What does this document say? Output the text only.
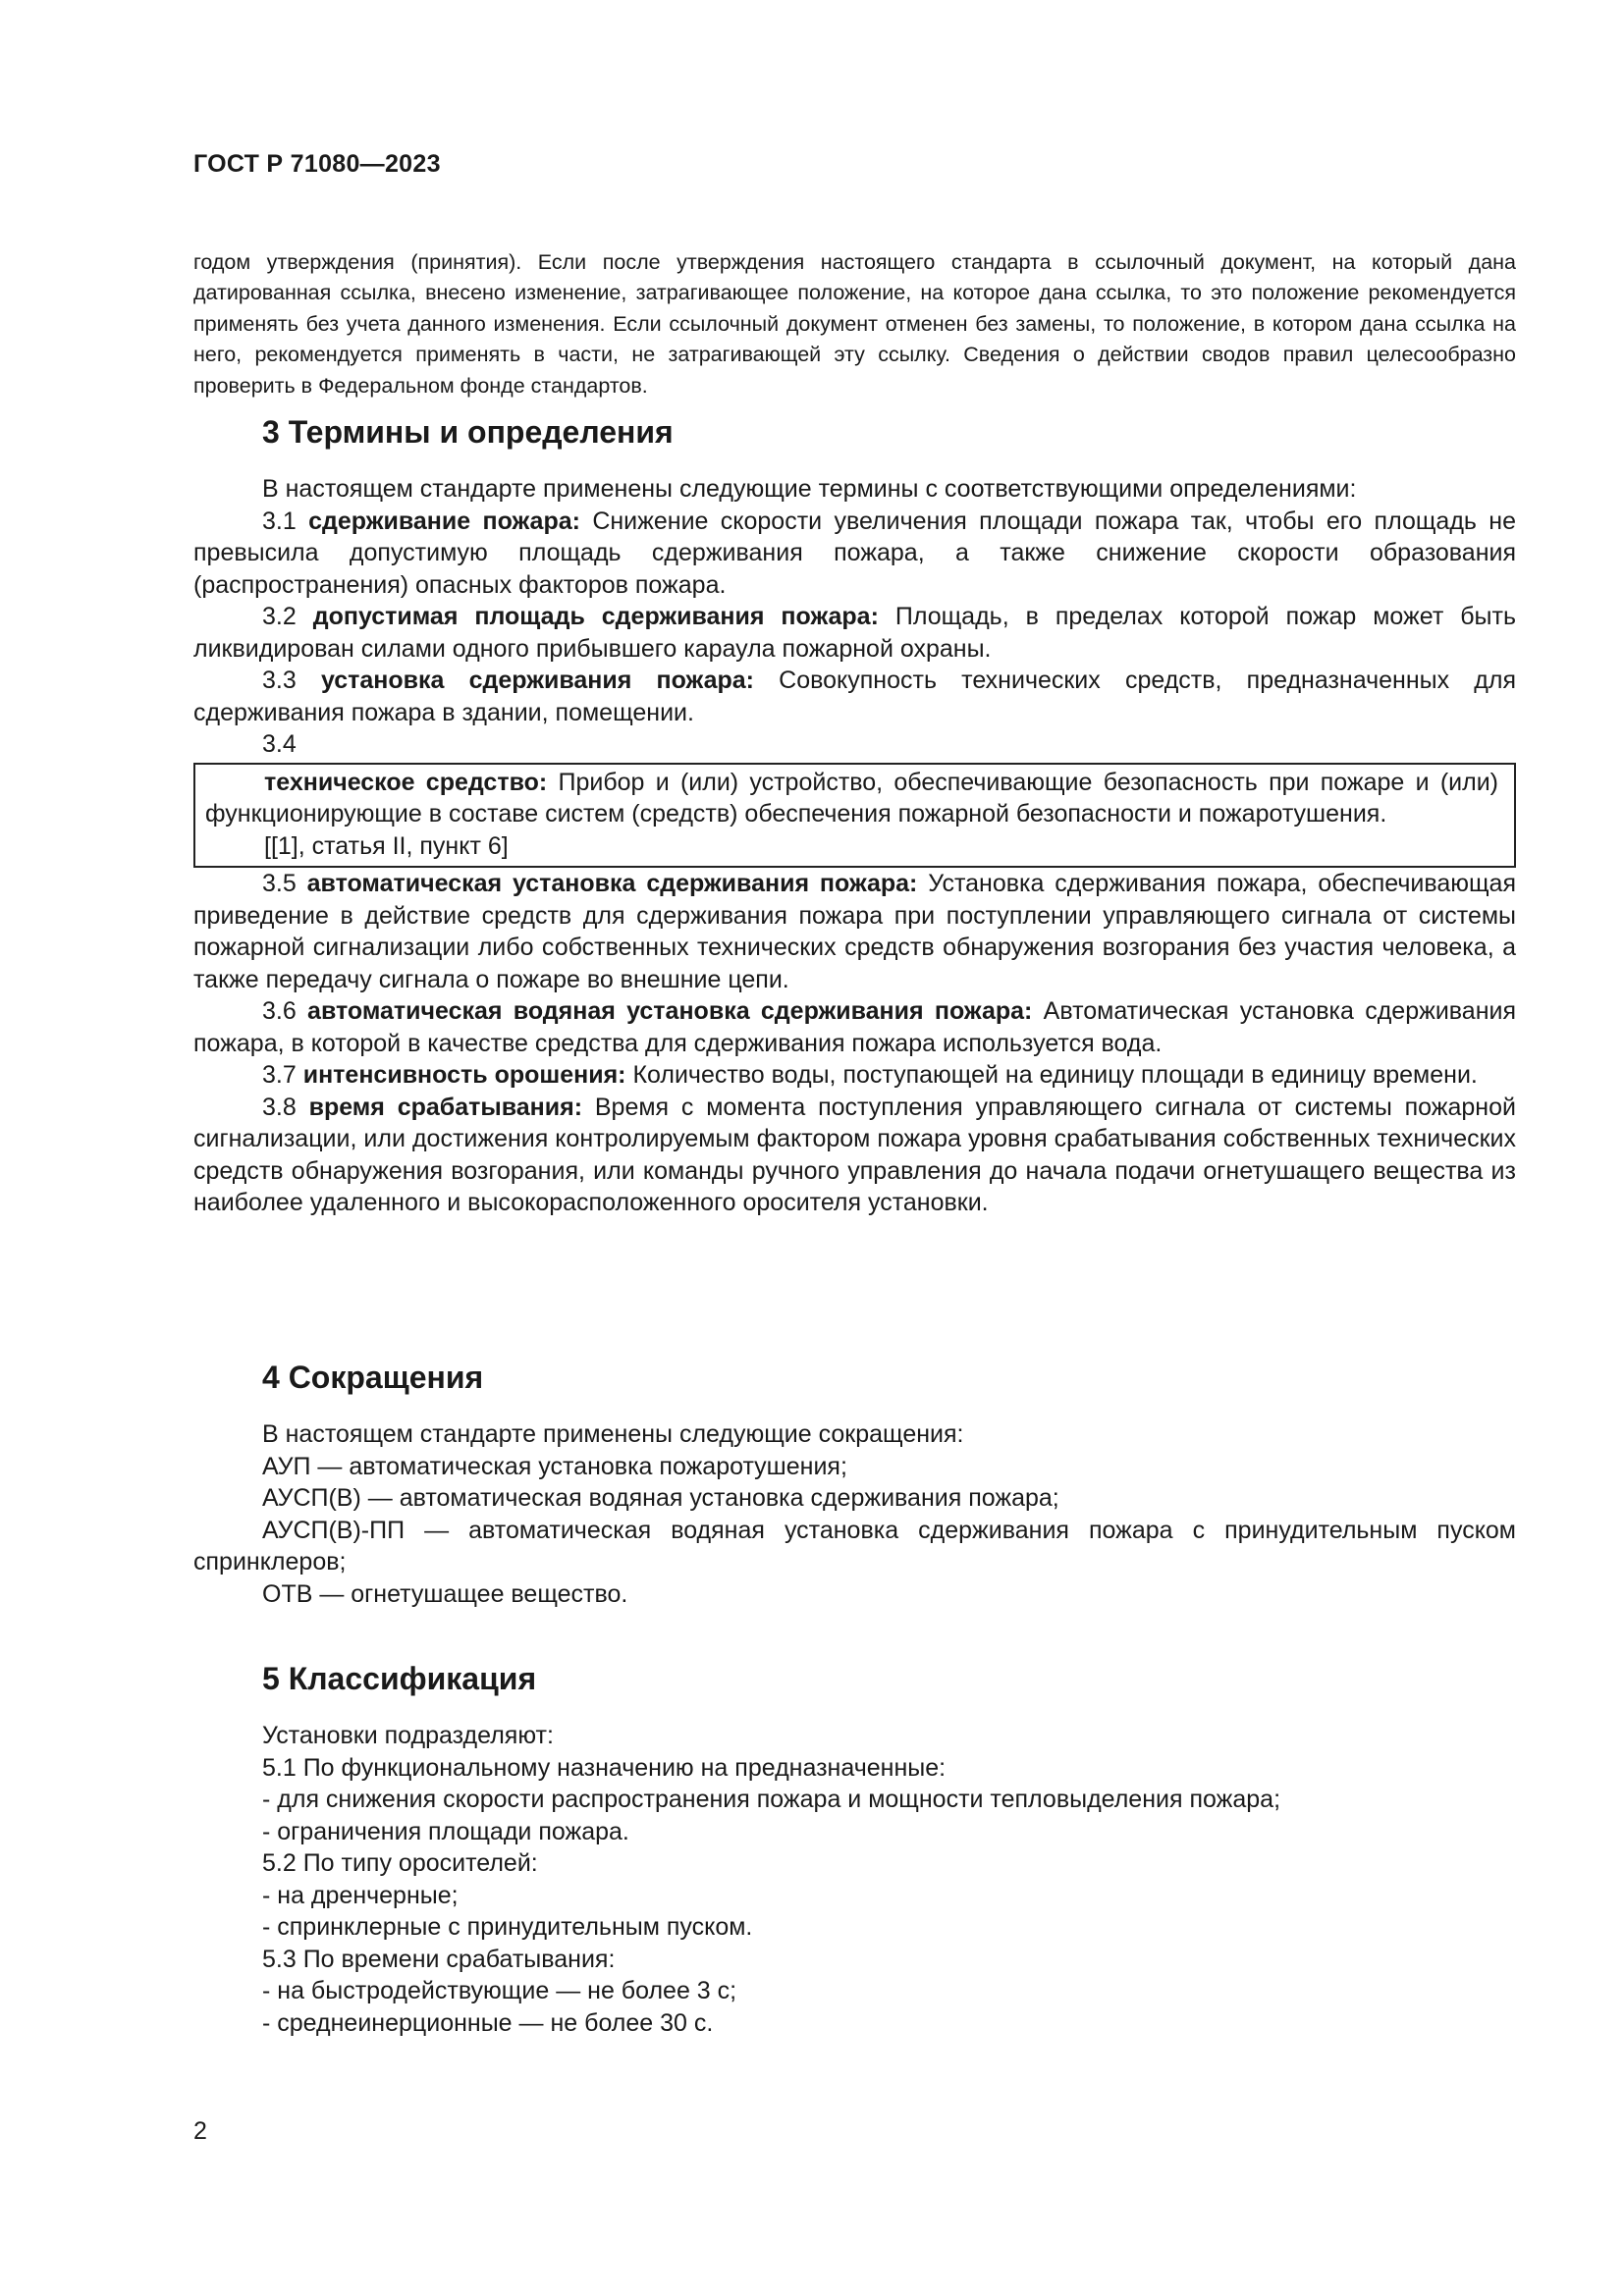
ГОСТ Р 71080—2023

годом утверждения (принятия). Если после утверждения настоящего стандарта в ссылочный документ, на который дана датированная ссылка, внесено изменение, затрагивающее положение, на которое дана ссылка, то это положение рекомендуется применять без учета данного изменения. Если ссылочный документ отменен без замены, то положение, в котором дана ссылка на него, рекомендуется применять в части, не затрагивающей эту ссылку. Сведения о действии сводов правил целесообразно проверить в Федеральном фонде стандартов.

3 Термины и определения

В настоящем стандарте применены следующие термины с соответствующими определениями:

3.1 сдерживание пожара: Снижение скорости увеличения площади пожара так, чтобы его площадь не превысила допустимую площадь сдерживания пожара, а также снижение скорости образования (распространения) опасных факторов пожара.

3.2 допустимая площадь сдерживания пожара: Площадь, в пределах которой пожар может быть ликвидирован силами одного прибывшего караула пожарной охраны.

3.3 установка сдерживания пожара: Совокупность технических средств, предназначенных для сдерживания пожара в здании, помещении.

3.4

техническое средство: Прибор и (или) устройство, обеспечивающие безопасность при пожаре и (или) функционирующие в составе систем (средств) обеспечения пожарной безопасности и пожаротушения.

[[1], статья II, пункт 6]

3.5 автоматическая установка сдерживания пожара: Установка сдерживания пожара, обеспечивающая приведение в действие средств для сдерживания пожара при поступлении управляющего сигнала от системы пожарной сигнализации либо собственных технических средств обнаружения возгорания без участия человека, а также передачу сигнала о пожаре во внешние цепи.

3.6 автоматическая водяная установка сдерживания пожара: Автоматическая установка сдерживания пожара, в которой в качестве средства для сдерживания пожара используется вода.

3.7 интенсивность орошения: Количество воды, поступающей на единицу площади в единицу времени.

3.8 время срабатывания: Время с момента поступления управляющего сигнала от системы пожарной сигнализации, или достижения контролируемым фактором пожара уровня срабатывания собственных технических средств обнаружения возгорания, или команды ручного управления до начала подачи огнетушащего вещества из наиболее удаленного и высокорасположенного оросителя установки.

4 Сокращения

В настоящем стандарте применены следующие сокращения:

АУП — автоматическая установка пожаротушения;

АУСП(В) — автоматическая водяная установка сдерживания пожара;

АУСП(В)-ПП — автоматическая водяная установка сдерживания пожара с принудительным пуском спринклеров;

ОТВ — огнетушащее вещество.

5 Классификация

Установки подразделяют:

5.1 По функциональному назначению на предназначенные:

- для снижения скорости распространения пожара и мощности тепловыделения пожара;

- ограничения площади пожара.

5.2 По типу оросителей:

- на дренчерные;

- спринклерные с принудительным пуском.

5.3 По времени срабатывания:

- на быстродействующие — не более 3 с;

- среднеинерционные — не более 30 с.

2
